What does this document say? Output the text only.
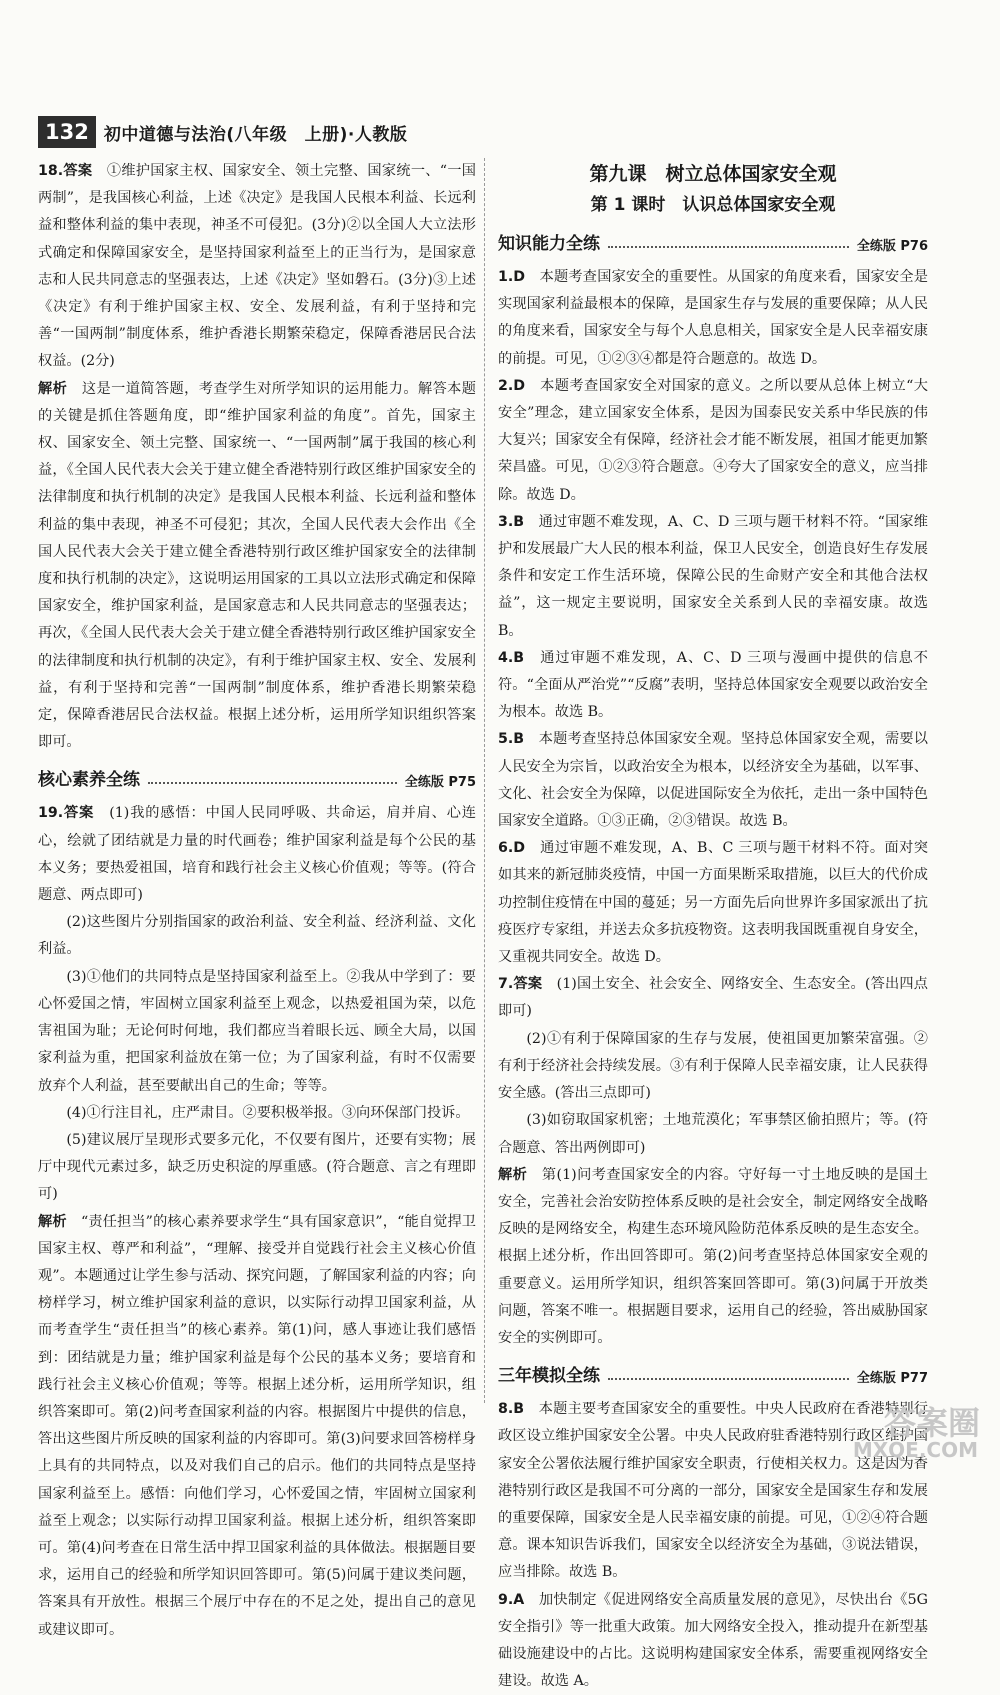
132 初中道德与法治(八年级　上册)·人教版

18.答案　 ①维护国家主权、国家安全、领土完整、国家统一、“一国两制”，是我国核心利益，上述《决定》是我国人民根本利益、长远利益和整体利益的集中表现，神圣不可侵犯。(3分)②以全国人大立法形式确定和保障国家安全，是坚持国家利益至上的正当行为，是国家意志和人民共同意志的坚强表达，上述《决定》坚如磐石。(3分)③上述《决定》有利于维护国家主权、安全、发展利益，有利于坚持和完善“一国两制”制度体系，维护香港长期繁荣稳定，保障香港居民合法权益。(2分)

解析　 这是一道简答题，考查学生对所学知识的运用能力。解答本题的关键是抓住答题角度，即“维护国家利益的角度”。首先，国家主权、国家安全、领土完整、国家统一、“一国两制”属于我国的核心利益，《全国人民代表大会关于建立健全香港特别行政区维护国家安全的法律制度和执行机制的决定》是我国人民根本利益、长远利益和整体利益的集中表现，神圣不可侵犯；其次，全国人民代表大会作出《全国人民代表大会关于建立健全香港特别行政区维护国家安全的法律制度和执行机制的决定》，这说明运用国家的工具以立法形式确定和保障国家安全，维护国家利益，是国家意志和人民共同意志的坚强表达；再次，《全国人民代表大会关于建立健全香港特别行政区维护国家安全的法律制度和执行机制的决定》，有利于维护国家主权、安全、发展利益，有利于坚持和完善“一国两制”制度体系，维护香港长期繁荣稳定，保障香港居民合法权益。根据上述分析，运用所学知识组织答案即可。

核心素养全练	全练版 P75

19.答案　 (1)我的感悟：中国人民同呼吸、共命运，肩并肩、心连心，绘就了团结就是力量的时代画卷；维护国家利益是每个公民的基本义务；要热爱祖国，培育和践行社会主义核心价值观；等等。(符合题意、两点即可)

(2)这些图片分别指国家的政治利益、安全利益、经济利益、文化利益。

(3)①他们的共同特点是坚持国家利益至上。②我从中学到了：要心怀爱国之情，牢固树立国家利益至上观念，以热爱祖国为荣，以危害祖国为耻；无论何时何地，我们都应当着眼长远、顾全大局，以国家利益为重，把国家利益放在第一位；为了国家利益，有时不仅需要放弃个人利益，甚至要献出自己的生命；等等。

(4)①行注目礼，庄严肃目。②要积极举报。③向环保部门投诉。

(5)建议展厅呈现形式要多元化，不仅要有图片，还要有实物；展厅中现代元素过多，缺乏历史积淀的厚重感。(符合题意、言之有理即可)

解析　 “责任担当”的核心素养要求学生“具有国家意识”，“能自觉捍卫国家主权、尊严和利益”，“理解、接受并自觉践行社会主义核心价值观”。本题通过让学生参与活动、探究问题，了解国家利益的内容；向榜样学习，树立维护国家利益的意识，以实际行动捍卫国家利益，从而考查学生“责任担当”的核心素养。第(1)问，感人事迹让我们感悟到：团结就是力量；维护国家利益是每个公民的基本义务；要培育和践行社会主义核心价值观；等等。根据上述分析，运用所学知识，组织答案即可。第(2)问考查国家利益的内容。根据图片中提供的信息，答出这些图片所反映的国家利益的内容即可。第(3)问要求回答榜样身上具有的共同特点，以及对我们自己的启示。他们的共同特点是坚持国家利益至上。感悟：向他们学习，心怀爱国之情，牢固树立国家利益至上观念；以实际行动捍卫国家利益。根据上述分析，组织答案即可。第(4)问考查在日常生活中捍卫国家利益的具体做法。根据题目要求，运用自己的经验和所学知识回答即可。第(5)问属于建议类问题，答案具有开放性。根据三个展厅中存在的不足之处，提出自己的意见或建议即可。

第九课　树立总体国家安全观
第 1 课时　认识总体国家安全观
知识能力全练	全练版 P76

1.D　 本题考查国家安全的重要性。从国家的角度来看，国家安全是实现国家利益最根本的保障，是国家生存与发展的重要保障；从人民的角度来看，国家安全与每个人息息相关，国家安全是人民幸福安康的前提。可见，①②③④都是符合题意的。故选 D。

2.D　 本题考查国家安全对国家的意义。之所以要从总体上树立“大安全”理念，建立国家安全体系，是因为国泰民安关系中华民族的伟大复兴；国家安全有保障，经济社会才能不断发展，祖国才能更加繁荣昌盛。可见，①②③符合题意。④夸大了国家安全的意义，应当排除。故选 D。

3.B　 通过审题不难发现，A、C、D 三项与题干材料不符。“国家维护和发展最广大人民的根本利益，保卫人民安全，创造良好生存发展条件和安定工作生活环境，保障公民的生命财产安全和其他合法权益”，这一规定主要说明，国家安全关系到人民的幸福安康。故选 B。

4.B　 通过审题不难发现，A、C、D 三项与漫画中提供的信息不符。“全面从严治党”“反腐”表明，坚持总体国家安全观要以政治安全为根本。故选 B。

5.B　 本题考查坚持总体国家安全观。坚持总体国家安全观，需要以人民安全为宗旨，以政治安全为根本，以经济安全为基础，以军事、文化、社会安全为保障，以促进国际安全为依托，走出一条中国特色国家安全道路。①③正确，②③错误。故选 B。

6.D　 通过审题不难发现，A、B、C 三项与题干材料不符。面对突如其来的新冠肺炎疫情，中国一方面果断采取措施，以巨大的代价成功控制住疫情在中国的蔓延；另一方面先后向世界许多国家派出了抗疫医疗专家组，并送去众多抗疫物资。这表明我国既重视自身安全，又重视共同安全。故选 D。

7.答案　 (1)国土安全、社会安全、网络安全、生态安全。(答出四点即可)

(2)①有利于保障国家的生存与发展，使祖国更加繁荣富强。②有利于经济社会持续发展。③有利于保障人民幸福安康，让人民获得安全感。(答出三点即可)

(3)如窃取国家机密；土地荒漠化；军事禁区偷拍照片；等。(符合题意、答出两例即可)

解析　 第(1)问考查国家安全的内容。守好每一寸土地反映的是国土安全，完善社会治安防控体系反映的是社会安全，制定网络安全战略反映的是网络安全，构建生态环境风险防范体系反映的是生态安全。根据上述分析，作出回答即可。第(2)问考查坚持总体国家安全观的重要意义。运用所学知识，组织答案回答即可。第(3)问属于开放类问题，答案不唯一。根据题目要求，运用自己的经验，答出威胁国家安全的实例即可。

三年模拟全练	全练版 P77

8.B　 本题主要考查国家安全的重要性。中央人民政府在香港特别行政区设立维护国家安全公署。中央人民政府驻香港特别行政区维护国家安全公署依法履行维护国家安全职责，行使相关权力。这是因为香港特别行政区是我国不可分离的一部分，国家安全是国家生存和发展的重要保障，国家安全是人民幸福安康的前提。可见，①②④符合题意。课本知识告诉我们，国家安全以经济安全为基础，③说法错误，应当排除。故选 B。

9.A　 加快制定《促进网络安全高质量发展的意见》，尽快出台《5G安全指引》等一批重大政策。加大网络安全投入，推动提升在新型基础设施建设中的占比。这说明构建国家安全体系，需要重视网络安全建设。故选 A。

答案圈
MXQE.COM
